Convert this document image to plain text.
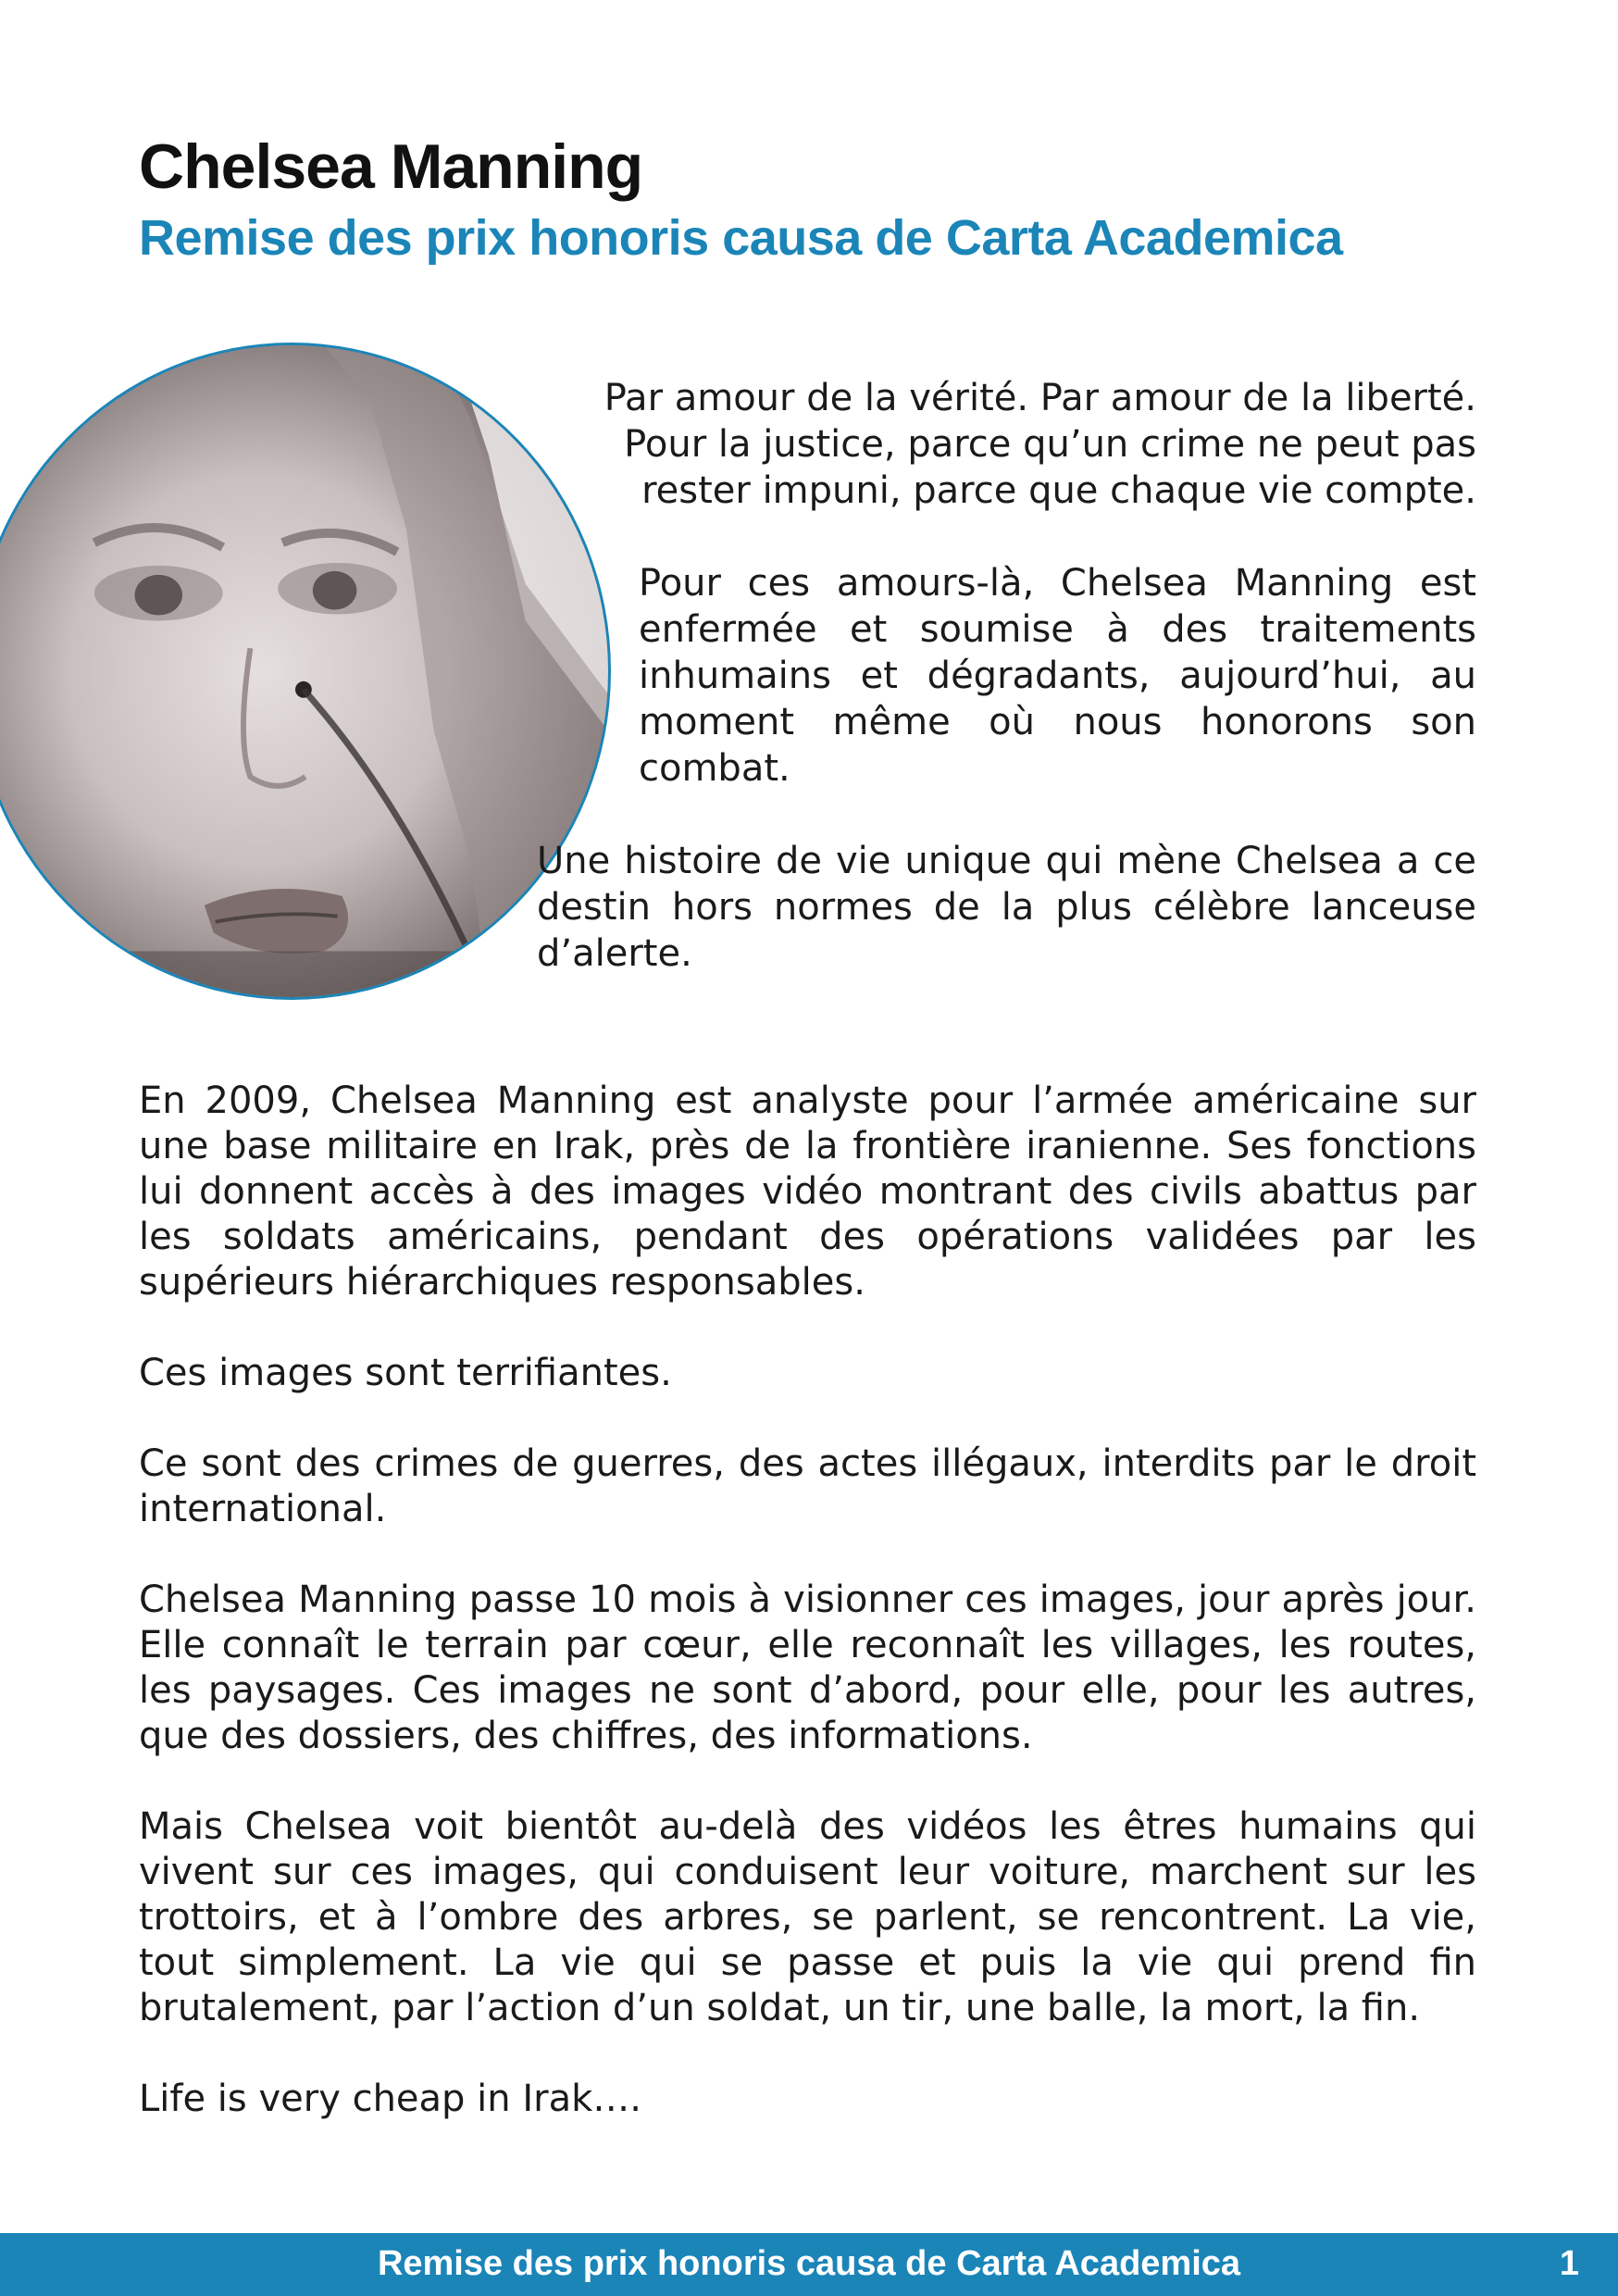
Chelsea Manning
Remise des prix honoris causa de Carta Academica

Par amour de la vérité. Par amour de la liberté. Pour la justice, parce qu’un crime ne peut pas rester impuni, parce que chaque vie compte.

Pour ces amours-là, Chelsea Manning est enfermée et soumise à des traitements inhumains et dégradants, aujourd’hui, au moment même où nous honorons son combat.

Une histoire de vie unique qui mène Chelsea a ce destin hors normes de la plus célèbre lanceuse d’alerte.

En 2009, Chelsea Manning est analyste pour l’armée américaine sur une base militaire en Irak, près de la frontière iranienne. Ses fonctions lui donnent accès à des images vidéo montrant des civils abattus par les soldats américains, pendant des opérations validées par les supérieurs hiérarchiques responsables.

Ces images sont terrifiantes.

Ce sont des crimes de guerres, des actes illégaux, interdits par le droit international.

Chelsea Manning passe 10 mois à visionner ces images, jour après jour. Elle connaît le terrain par cœur, elle reconnaît les villages, les routes, les paysages. Ces images ne sont d’abord, pour elle, pour les autres, que des dossiers, des chiffres, des informations.

Mais Chelsea voit bientôt au-delà des vidéos les êtres humains qui vivent sur ces images, qui conduisent leur voiture, marchent sur les trottoirs, et à l’ombre des arbres, se parlent, se rencontrent. La vie, tout simplement. La vie qui se passe et puis la vie qui prend fin brutalement, par l’action d’un soldat, un tir, une balle, la mort, la fin.

Life is very cheap in Irak….

Remise des prix honoris causa de Carta Academica	1
